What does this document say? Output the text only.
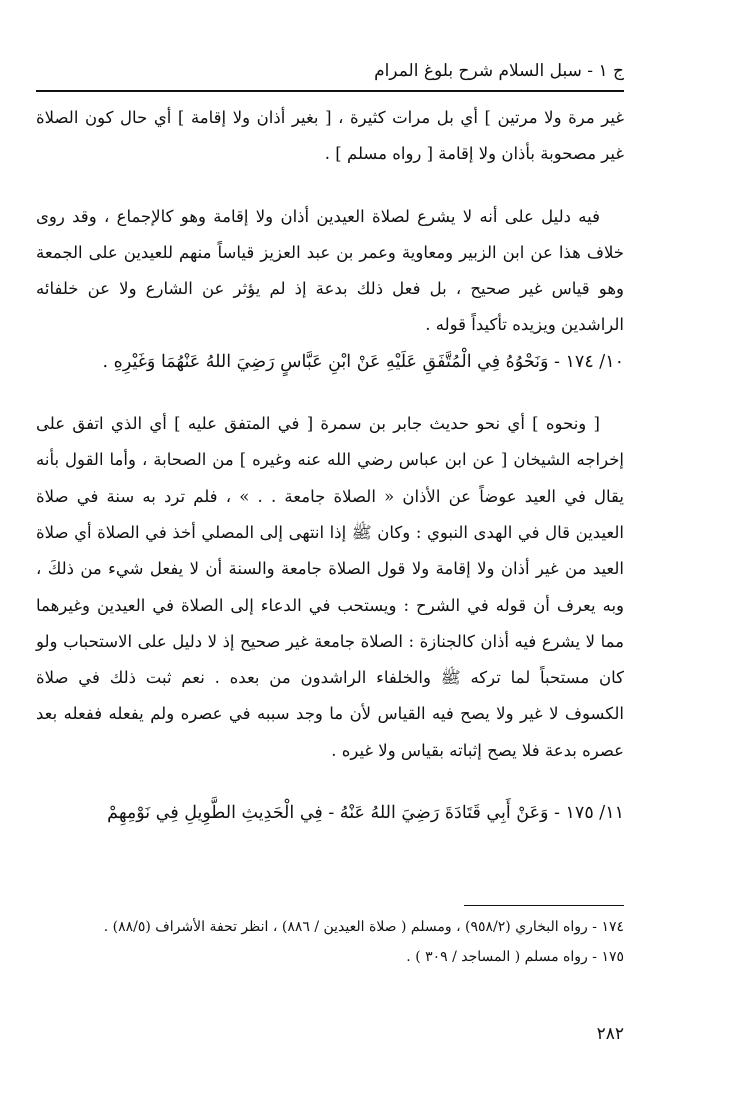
ج ١ - سبل السلام شرح بلوغ المرام

غير مرة ولا مرتين ] أي بل مرات كثيرة ، [ بغير أذان ولا إقامة ] أي حال كون الصلاة غير مصحوبة بأذان ولا إقامة [ رواه مسلم ] .

فيه دليل على أنه لا يشرع لصلاة العيدين أذان ولا إقامة وهو كالإجماع ، وقد روى خلاف هذا عن ابن الزبير ومعاوية وعمر بن عبد العزيز قياساً منهم للعيدين على الجمعة وهو قياس غير صحيح ، بل فعل ذلك بدعة إذ لم يؤثر عن الشارع ولا عن خلفائه الراشدين ويزيده تأكيداً قوله .

١٠/ ١٧٤ - وَنَحْوُهُ فِي الْمُتَّفَقِ عَلَيْهِ عَنْ ابْنِ عَبَّاسٍ رَضِيَ اللهُ عَنْهُمَا وَغَيْرِهِ .

[ ونحوه ] أي نحو حديث جابر بن سمرة [ في المتفق عليه ] أي الذي اتفق على إخراجه الشيخان [ عن ابن عباس رضي الله عنه وغيره ] من الصحابة ، وأما القول بأنه يقال في العيد عوضاً عن الأذان « الصلاة جامعة . . » ، فلم ترد به سنة في صلاة العيدين قال في الهدى النبوي : وكان ﷺ إذا انتهى إلى المصلي أخذ في الصلاة أي صلاة العيد من غير أذان ولا إقامة ولا قول الصلاة جامعة والسنة أن لا يفعل شيء من ذلكَ ، وبه يعرف أن قوله في الشرح : ويستحب في الدعاء إلى الصلاة في العيدين وغيرهما مما لا يشرع فيه أذان كالجنازة : الصلاة جامعة غير صحيح إذ لا دليل على الاستحباب ولو كان مستحباً لما تركه ﷺ والخلفاء الراشدون من بعده . نعم ثبت ذلك في صلاة الكسوف لا غير ولا يصح فيه القياس لأن ما وجد سببه في عصره ولم يفعله ففعله بعد عصره بدعة فلا يصح إثباته بقياس ولا غيره .

١١/ ١٧٥ - وَعَنْ أَبِي قَتَادَةَ رَضِيَ اللهُ عَنْهُ - فِي الْحَدِيثِ الطَّوِيلِ فِي نَوْمِهِمْ

١٧٤ - رواه البخاري (٩٥٨/٢) ، ومسلم ( صلاة العيدين / ٨٨٦) ، انظر تحفة الأشراف (٨٨/٥) .

١٧٥ - رواه مسلم ( المساجد / ٣٠٩ ) .

٢٨٢
